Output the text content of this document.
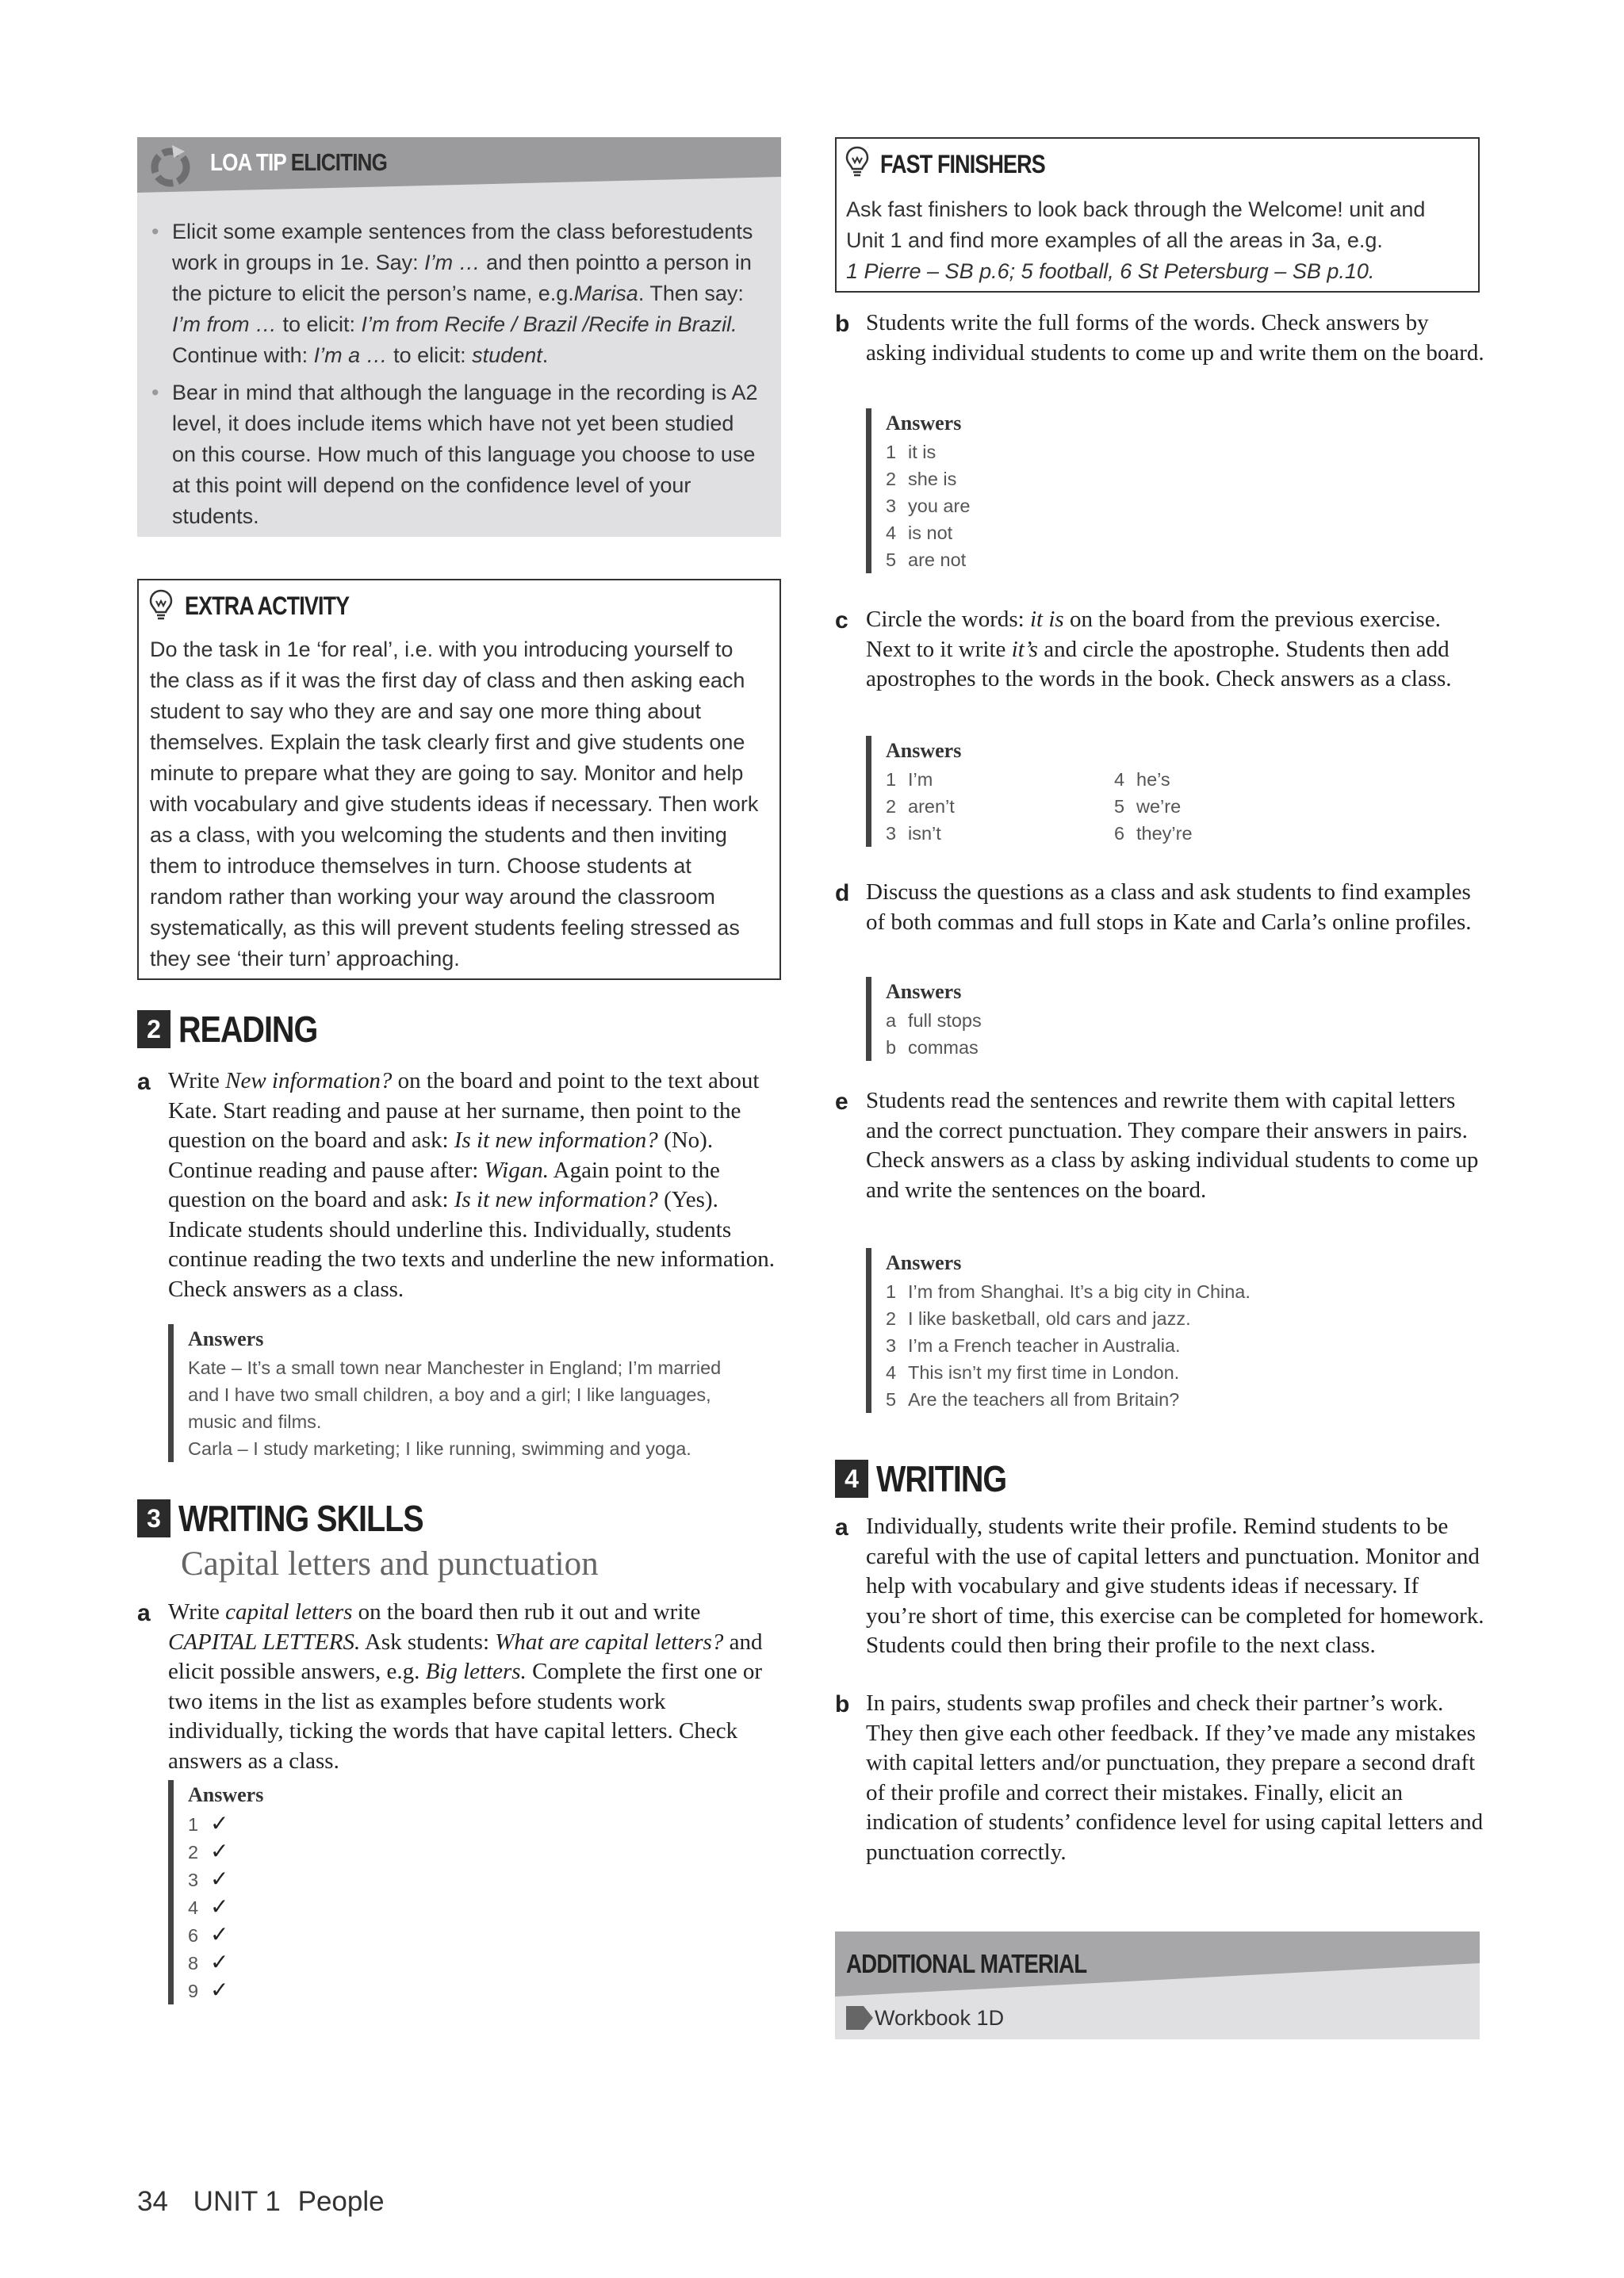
LOA TIP ELICITING
• Elicit some example sentences from the class beforestudents work in groups in 1e. Say: I’m … and then pointto a person in the picture to elicit the person’s name, e.g.Marisa. Then say: I’m from … to elicit: I’m from Recife / Brazil /Recife in Brazil. Continue with: I’m a … to elicit: student.
• Bear in mind that although the language in the recording is A2 level, it does include items which have not yet been studied on this course. How much of this language you choose to use at this point will depend on the confidence level of your students.
EXTRA ACTIVITY
Do the task in 1e ‘for real’, i.e. with you introducing yourself to the class as if it was the first day of class and then asking each student to say who they are and say one more thing about themselves. Explain the task clearly first and give students one minute to prepare what they are going to say. Monitor and help with vocabulary and give students ideas if necessary. Then work as a class, with you welcoming the students and then inviting them to introduce themselves in turn. Choose students at random rather than working your way around the classroom systematically, as this will prevent students feeling stressed as they see ‘their turn’ approaching.
2 READING
a Write New information? on the board and point to the text about Kate. Start reading and pause at her surname, then point to the question on the board and ask: Is it new information? (No). Continue reading and pause after: Wigan. Again point to the question on the board and ask: Is it new information? (Yes). Indicate students should underline this. Individually, students continue reading the two texts and underline the new information. Check answers as a class.
Answers
Kate – It’s a small town near Manchester in England; I’m married
and I have two small children, a boy and a girl; I like languages,
music and films.
Carla – I study marketing; I like running, swimming and yoga.
3 WRITING SKILLS
Capital letters and punctuation
a Write capital letters on the board then rub it out and write CAPITAL LETTERS. Ask students: What are capital letters? and elicit possible answers, e.g. Big letters. Complete the first one or two items in the list as examples before students work individually, ticking the words that have capital letters. Check answers as a class.
Answers
1 ✓
2 ✓
3 ✓
4 ✓
6 ✓
8 ✓
9 ✓
FAST FINISHERS
Ask fast finishers to look back through the Welcome! unit and
Unit 1 and find more examples of all the areas in 3a, e.g.
1 Pierre – SB p.6; 5 football, 6 St Petersburg – SB p.10.
b Students write the full forms of the words. Check answers by asking individual students to come up and write them on the board.
Answers
1 it is
2 she is
3 you are
4 is not
5 are not
c Circle the words: it is on the board from the previous exercise. Next to it write it’s and circle the apostrophe. Students then add apostrophes to the words in the book. Check answers as a class.
Answers
1 I’m
2 aren’t
3 isn’t
4 he’s
5 we’re
6 they’re
d Discuss the questions as a class and ask students to find examples of both commas and full stops in Kate and Carla’s online profiles.
Answers
a full stops
b commas
e Students read the sentences and rewrite them with capital letters and the correct punctuation. They compare their answers in pairs. Check answers as a class by asking individual students to come up and write the sentences on the board.
Answers
1 I’m from Shanghai. It’s a big city in China.
2 I like basketball, old cars and jazz.
3 I’m a French teacher in Australia.
4 This isn’t my first time in London.
5 Are the teachers all from Britain?
4 WRITING
a Individually, students write their profile. Remind students to be careful with the use of capital letters and punctuation. Monitor and help with vocabulary and give students ideas if necessary. If you’re short of time, this exercise can be completed for homework. Students could then bring their profile to the next class.
b In pairs, students swap profiles and check their partner’s work. They then give each other feedback. If they’ve made any mistakes with capital letters and/or punctuation, they prepare a second draft of their profile and correct their mistakes. Finally, elicit an indication of students’ confidence level for using capital letters and punctuation correctly.
ADDITIONAL MATERIAL
Workbook 1D
34 UNIT 1 People
